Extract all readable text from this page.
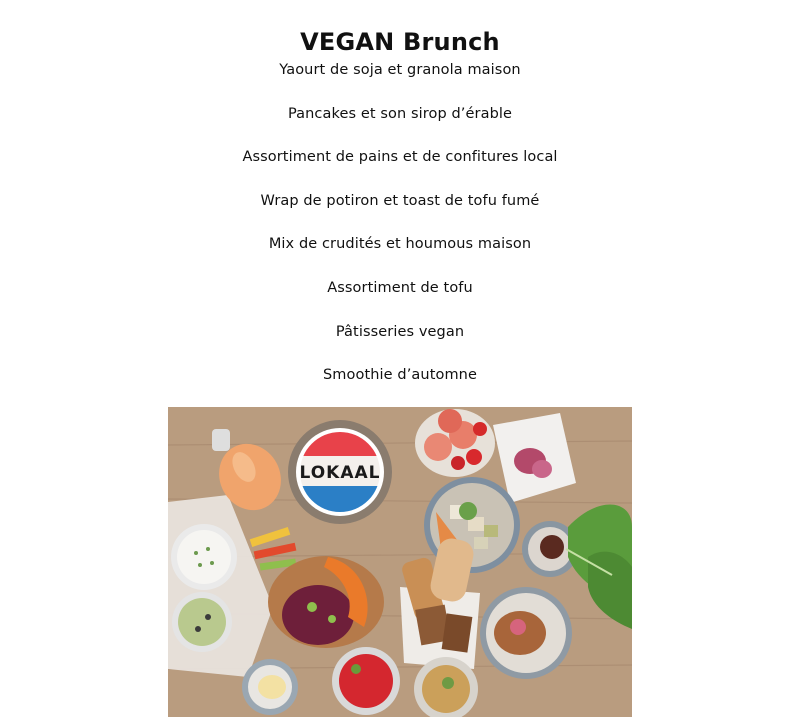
VEGAN Brunch
Yaourt de soja et granola maison
Pancakes et son sirop d’érable
Assortiment de pains et de confitures local
Wrap de potiron et toast de tofu fumé
Mix de crudités et houmous maison
Assortiment de tofu
Pâtisseries vegan
Smoothie d’automne
LOKAAL
